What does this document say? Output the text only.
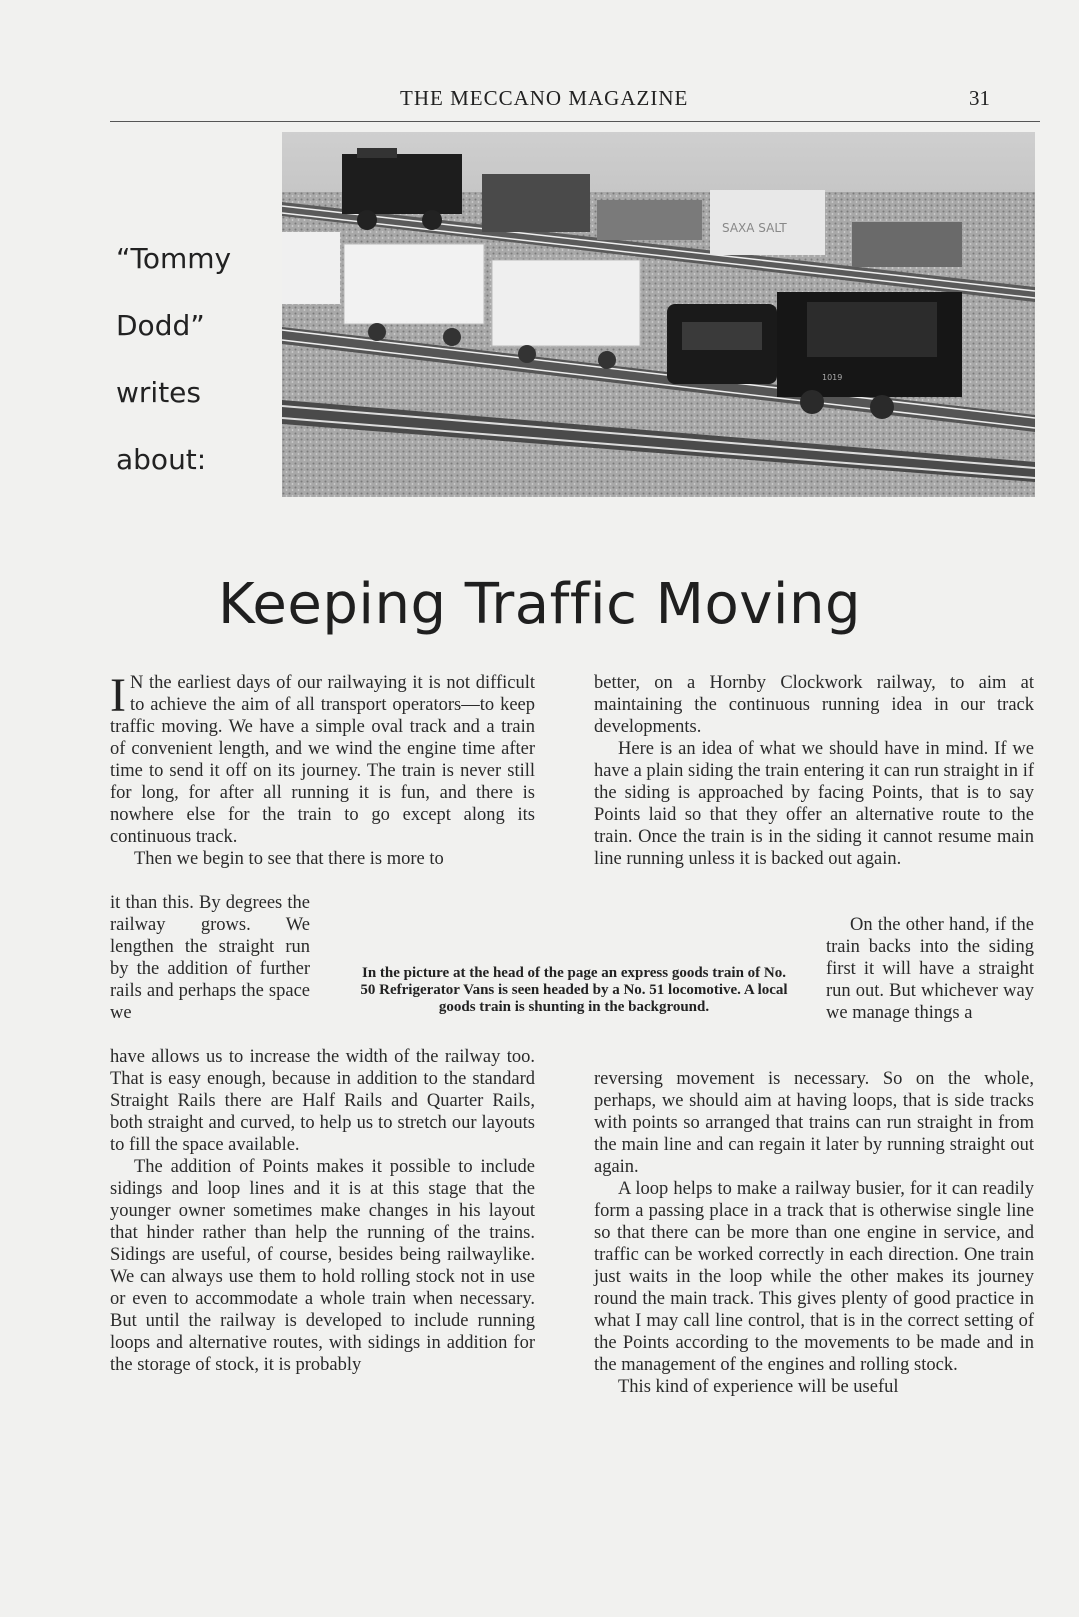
THE MECCANO MAGAZINE	31
“Tommy
Dodd”
writes
about:
SAXA SALT
1019
Keeping Traffic Moving

I N the earliest days of our railwaying it is not difficult to achieve the aim of all transport operators—to keep traffic moving. We have a simple oval track and a train of convenient length, and we wind the engine time after time to send it off on its journey. The train is never still for long, for after all running it is fun, and there is nowhere else for the train to go except along its continuous track.

Then we begin to see that there is more to

it than this. By degrees the railway grows. We lengthen the straight run by the addition of further rails and perhaps the space we

have allows us to increase the width of the railway too. That is easy enough, because in addition to the standard Straight Rails there are Half Rails and Quarter Rails, both straight and curved, to help us to stretch our layouts to fill the space available.

The addition of Points makes it possible to include sidings and loop lines and it is at this stage that the younger owner sometimes make changes in his layout that hinder rather than help the running of the trains. Sidings are useful, of course, besides being railwaylike. We can always use them to hold rolling stock not in use or even to accommodate a whole train when necessary. But until the railway is developed to include running loops and alternative routes, with sidings in addition for the storage of stock, it is probably

In the picture at the head of the page an express goods train of No. 50 Refrigerator Vans is seen headed by a No. 51 locomotive. A local goods train is shunting in the background.

better, on a Hornby Clockwork railway, to aim at maintaining the continuous running idea in our track developments.

Here is an idea of what we should have in mind. If we have a plain siding the train entering it can run straight in if the siding is approached by facing Points, that is to say Points laid so that they offer an alternative route to the train. Once the train is in the siding it cannot resume main line running unless it is backed out again.

On the other hand, if the train backs into the siding first it will have a straight run out. But whichever way we manage things a

reversing movement is necessary. So on the whole, perhaps, we should aim at having loops, that is side tracks with points so arranged that trains can run straight in from the main line and can regain it later by running straight out again.

A loop helps to make a railway busier, for it can readily form a passing place in a track that is otherwise single line so that there can be more than one engine in service, and traffic can be worked correctly in each direction. One train just waits in the loop while the other makes its journey round the main track. This gives plenty of good practice in what I may call line control, that is in the correct setting of the Points according to the movements to be made and in the management of the engines and rolling stock.

This kind of experience will be useful
